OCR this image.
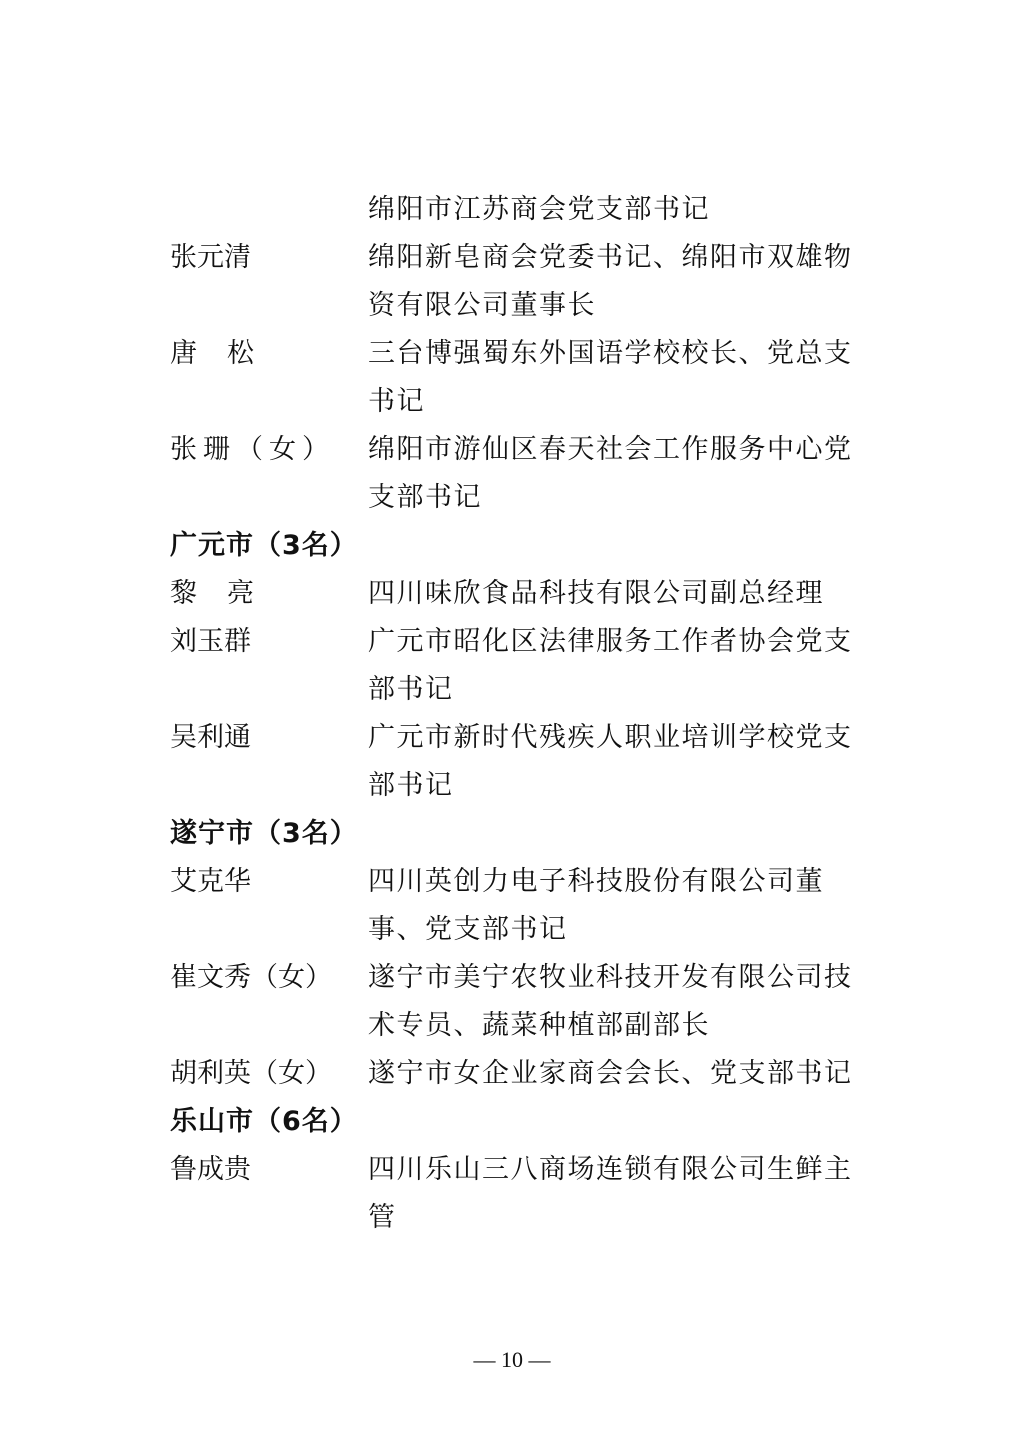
绵阳市江苏商会党支部书记
张元清	绵阳新皂商会党委书记、绵阳市双雄物
资有限公司董事长
唐松	三台博强蜀东外国语学校校长、党总支
书记
张珊（女） 绵阳市游仙区春天社会工作服务中心党
支部书记
广元市（3名）
黎亮	四川味欣食品科技有限公司副总经理
刘玉群	广元市昭化区法律服务工作者协会党支
部书记
吴利通	广元市新时代残疾人职业培训学校党支
部书记
遂宁市（3名）
艾克华	四川英创力电子科技股份有限公司董
事、党支部书记
崔文秀（女） 遂宁市美宁农牧业科技开发有限公司技
术专员、蔬菜种植部副部长
胡利英（女） 遂宁市女企业家商会会长、党支部书记
乐山市（6名）
鲁成贵	四川乐山三八商场连锁有限公司生鲜主
管
— 10 —
